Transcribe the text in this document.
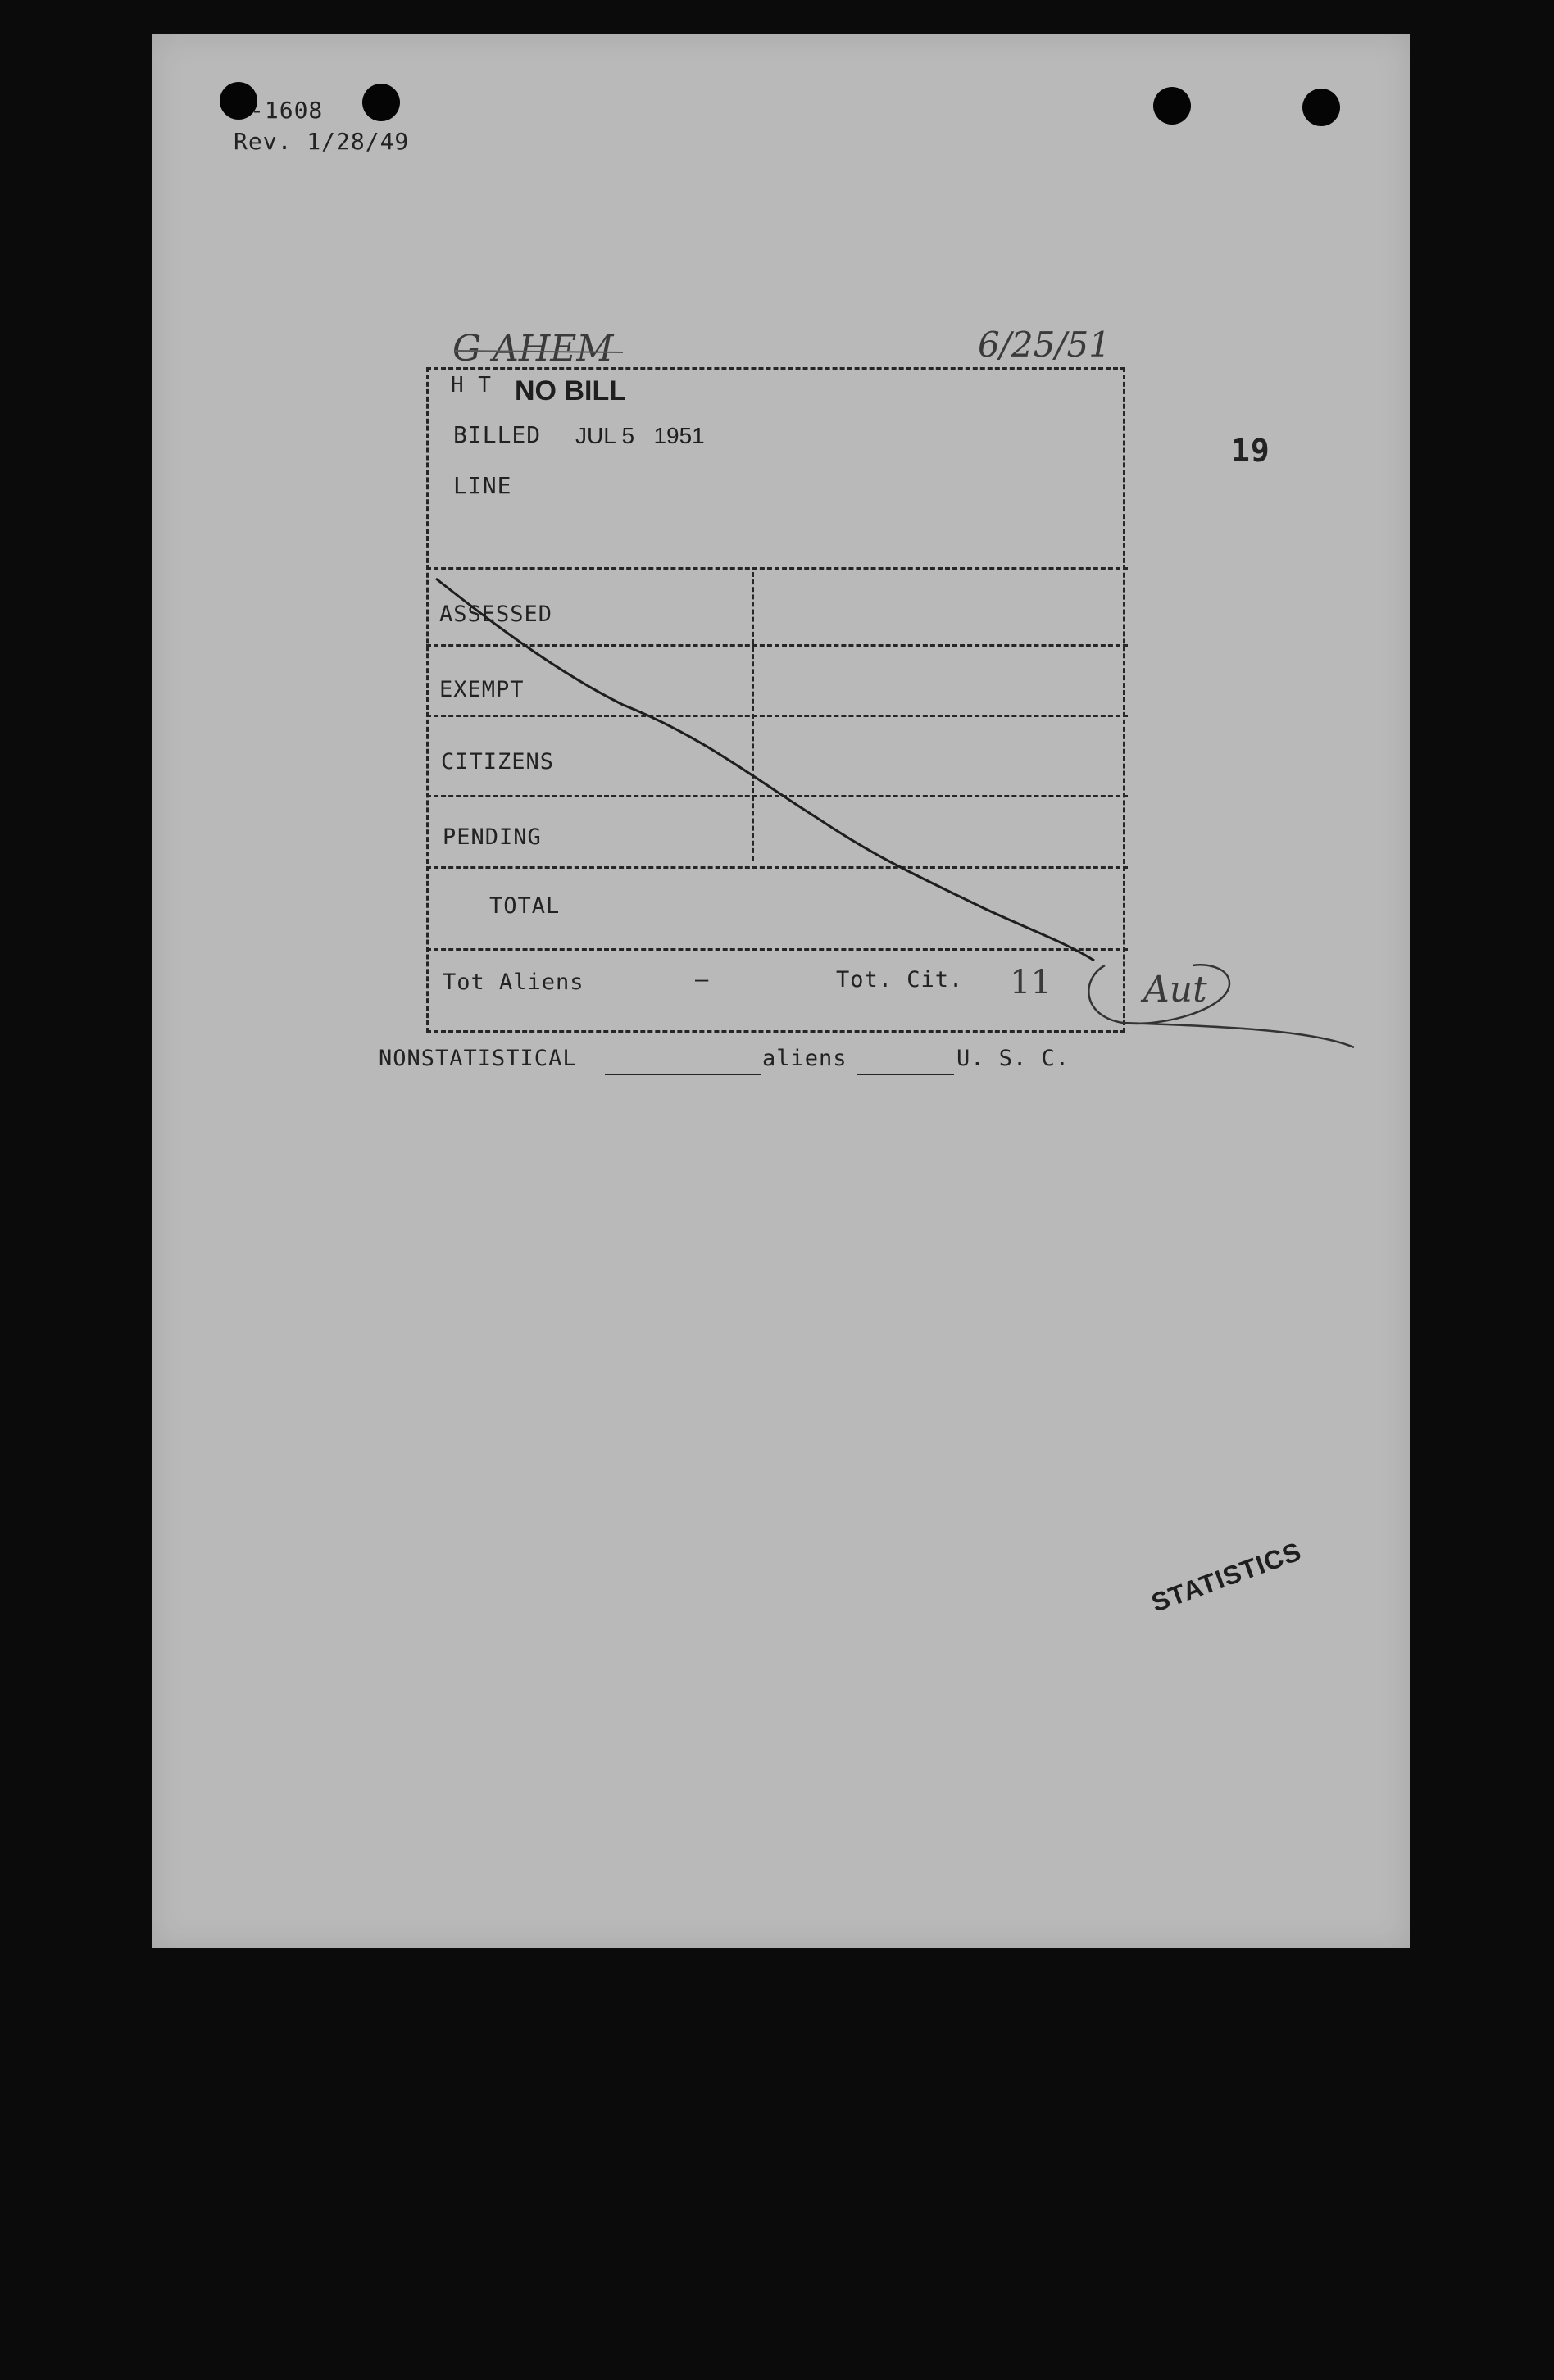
-1608
Rev. 1/28/49
G AHEM	6/25/51
19
H T NO BILL
BILLED JUL 5   1951
LINE
ASSESSED
EXEMPT
CITIZENS
PENDING
TOTAL
Tot Aliens	—	Tot. Cit. 11	Aut
NONSTATISTICAL	aliens	U. S. C.
STATISTICS
